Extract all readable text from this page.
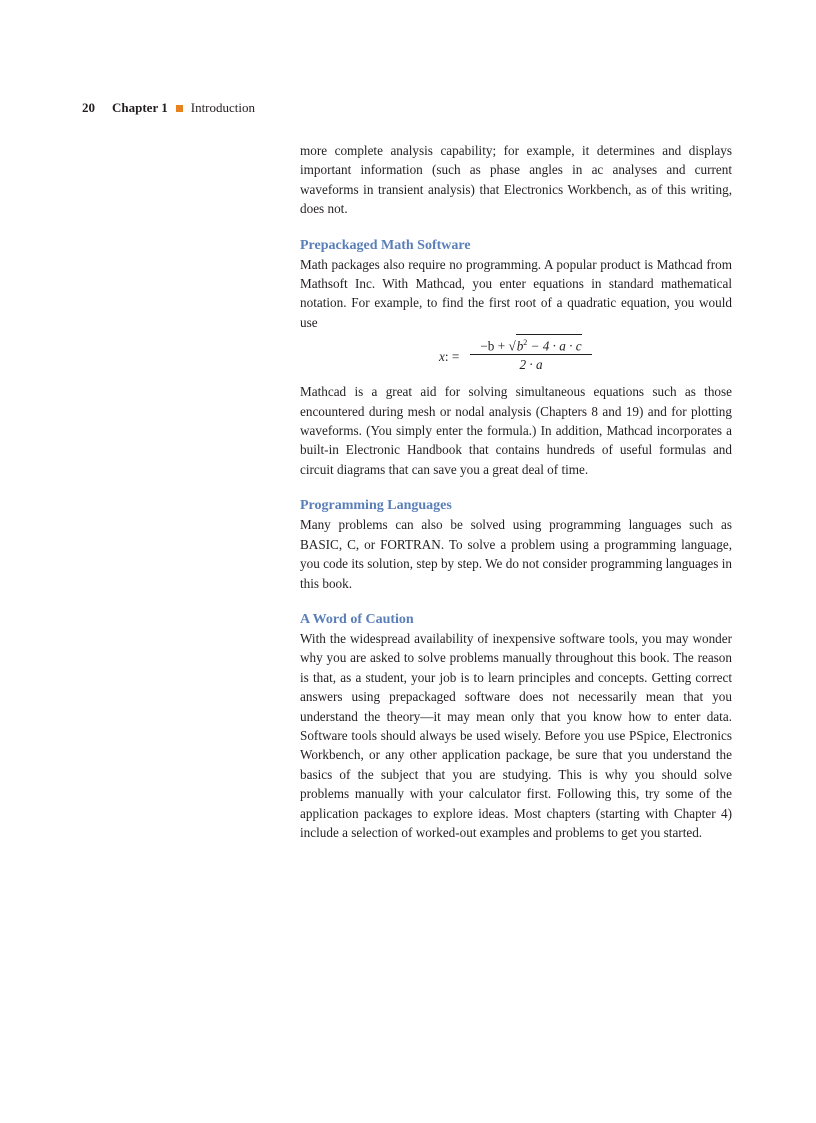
20 Chapter 1 Introduction

more complete analysis capability; for example, it determines and displays important information (such as phase angles in ac analyses and current waveforms in transient analysis) that Electronics Workbench, as of this writing, does not.

Prepackaged Math Software

Math packages also require no programming. A popular product is Mathcad from Mathsoft Inc. With Mathcad, you enter equations in standard mathematical notation. For example, to find the first root of a quadratic equation, you would use

x: =
$-b + √b^2 - 4 \cdot a \cdot c$
2 · a

Mathcad is a great aid for solving simultaneous equations such as those encountered during mesh or nodal analysis (Chapters 8 and 19) and for plotting waveforms. (You simply enter the formula.) In addition, Mathcad incorporates a built-in Electronic Handbook that contains hundreds of useful formulas and circuit diagrams that can save you a great deal of time.

Programming Languages

Many problems can also be solved using programming languages such as BASIC, C, or FORTRAN. To solve a problem using a programming language, you code its solution, step by step. We do not consider programming languages in this book.

A Word of Caution

With the widespread availability of inexpensive software tools, you may wonder why you are asked to solve problems manually throughout this book. The reason is that, as a student, your job is to learn principles and concepts. Getting correct answers using prepackaged software does not necessarily mean that you understand the theory—it may mean only that you know how to enter data. Software tools should always be used wisely. Before you use PSpice, Electronics Workbench, or any other application package, be sure that you understand the basics of the subject that you are studying. This is why you should solve problems manually with your calculator first. Following this, try some of the application packages to explore ideas. Most chapters (starting with Chapter 4) include a selection of worked-out examples and problems to get you started.
